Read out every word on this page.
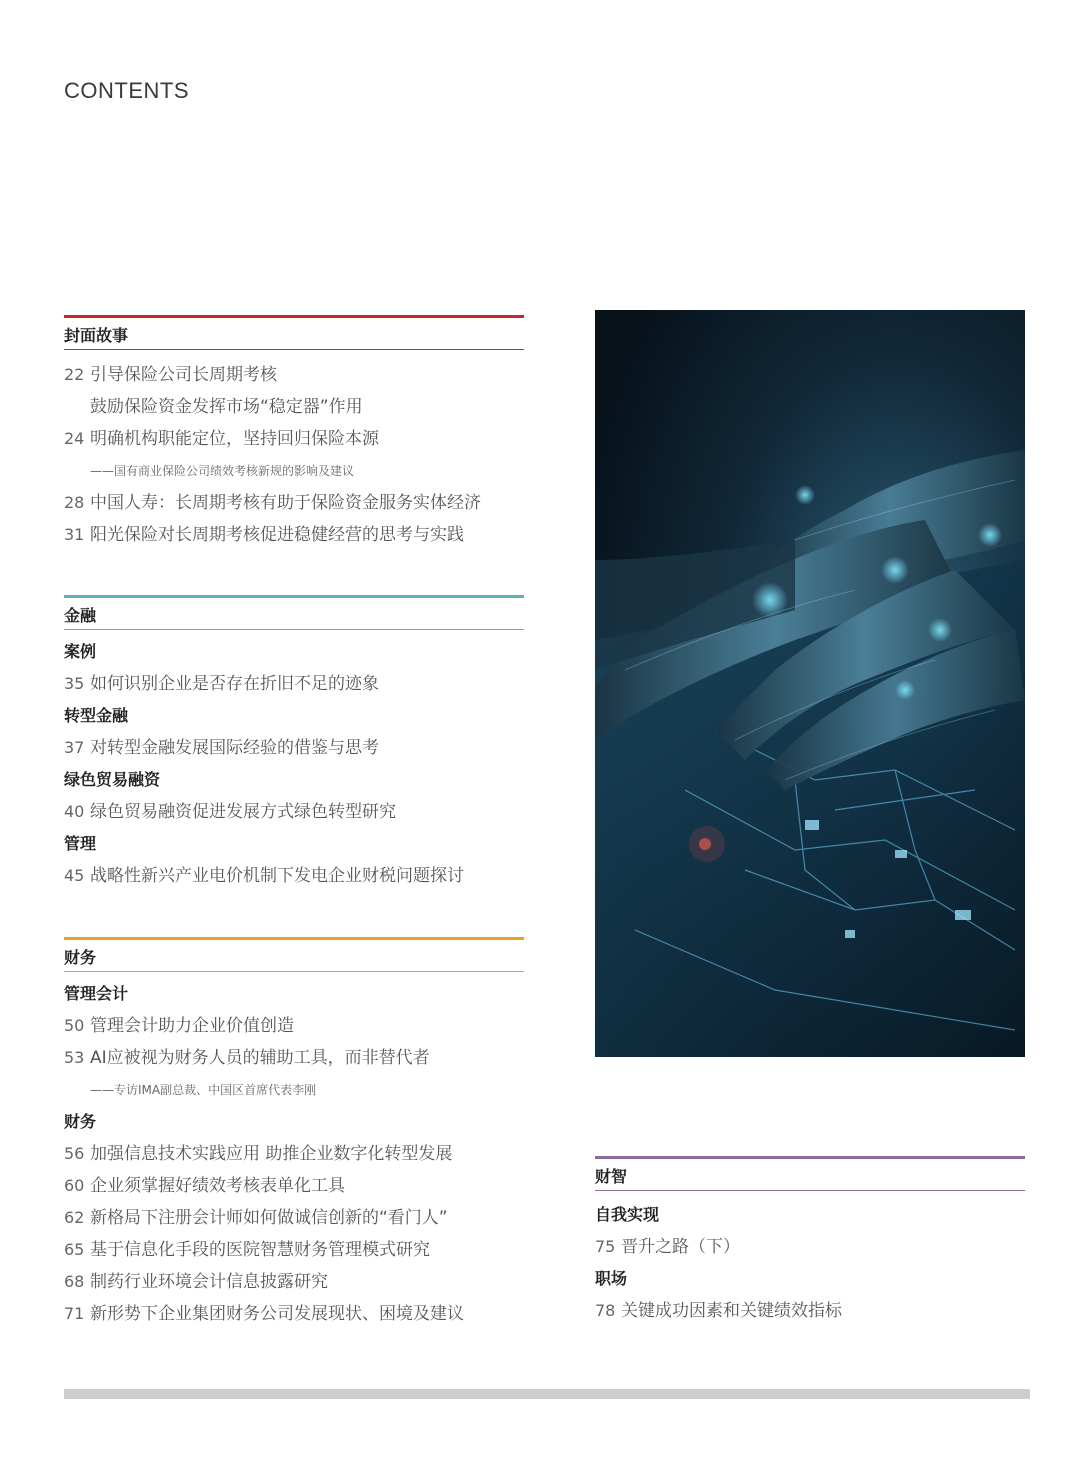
CONTENTS
封面故事
22 引导保险公司长周期考核
鼓励保险资金发挥市场“稳定器”作用
24 明确机构职能定位，坚持回归保险本源
——国有商业保险公司绩效考核新规的影响及建议
28 中国人寿：长周期考核有助于保险资金服务实体经济
31 阳光保险对长周期考核促进稳健经营的思考与实践
金融
案例
35 如何识别企业是否存在折旧不足的迹象
转型金融
37 对转型金融发展国际经验的借鉴与思考
绿色贸易融资
40 绿色贸易融资促进发展方式绿色转型研究
管理
45 战略性新兴产业电价机制下发电企业财税问题探讨
财务
管理会计
50 管理会计助力企业价值创造
53 AI应被视为财务人员的辅助工具，而非替代者
——专访IMA副总裁、中国区首席代表李刚
财务
56 加强信息技术实践应用 助推企业数字化转型发展
60 企业须掌握好绩效考核表单化工具
62 新格局下注册会计师如何做诚信创新的“看门人”
65 基于信息化手段的医院智慧财务管理模式研究
68 制药行业环境会计信息披露研究
71 新形势下企业集团财务公司发展现状、困境及建议
财智
自我实现
75 晋升之路（下）
职场
78 关键成功因素和关键绩效指标
